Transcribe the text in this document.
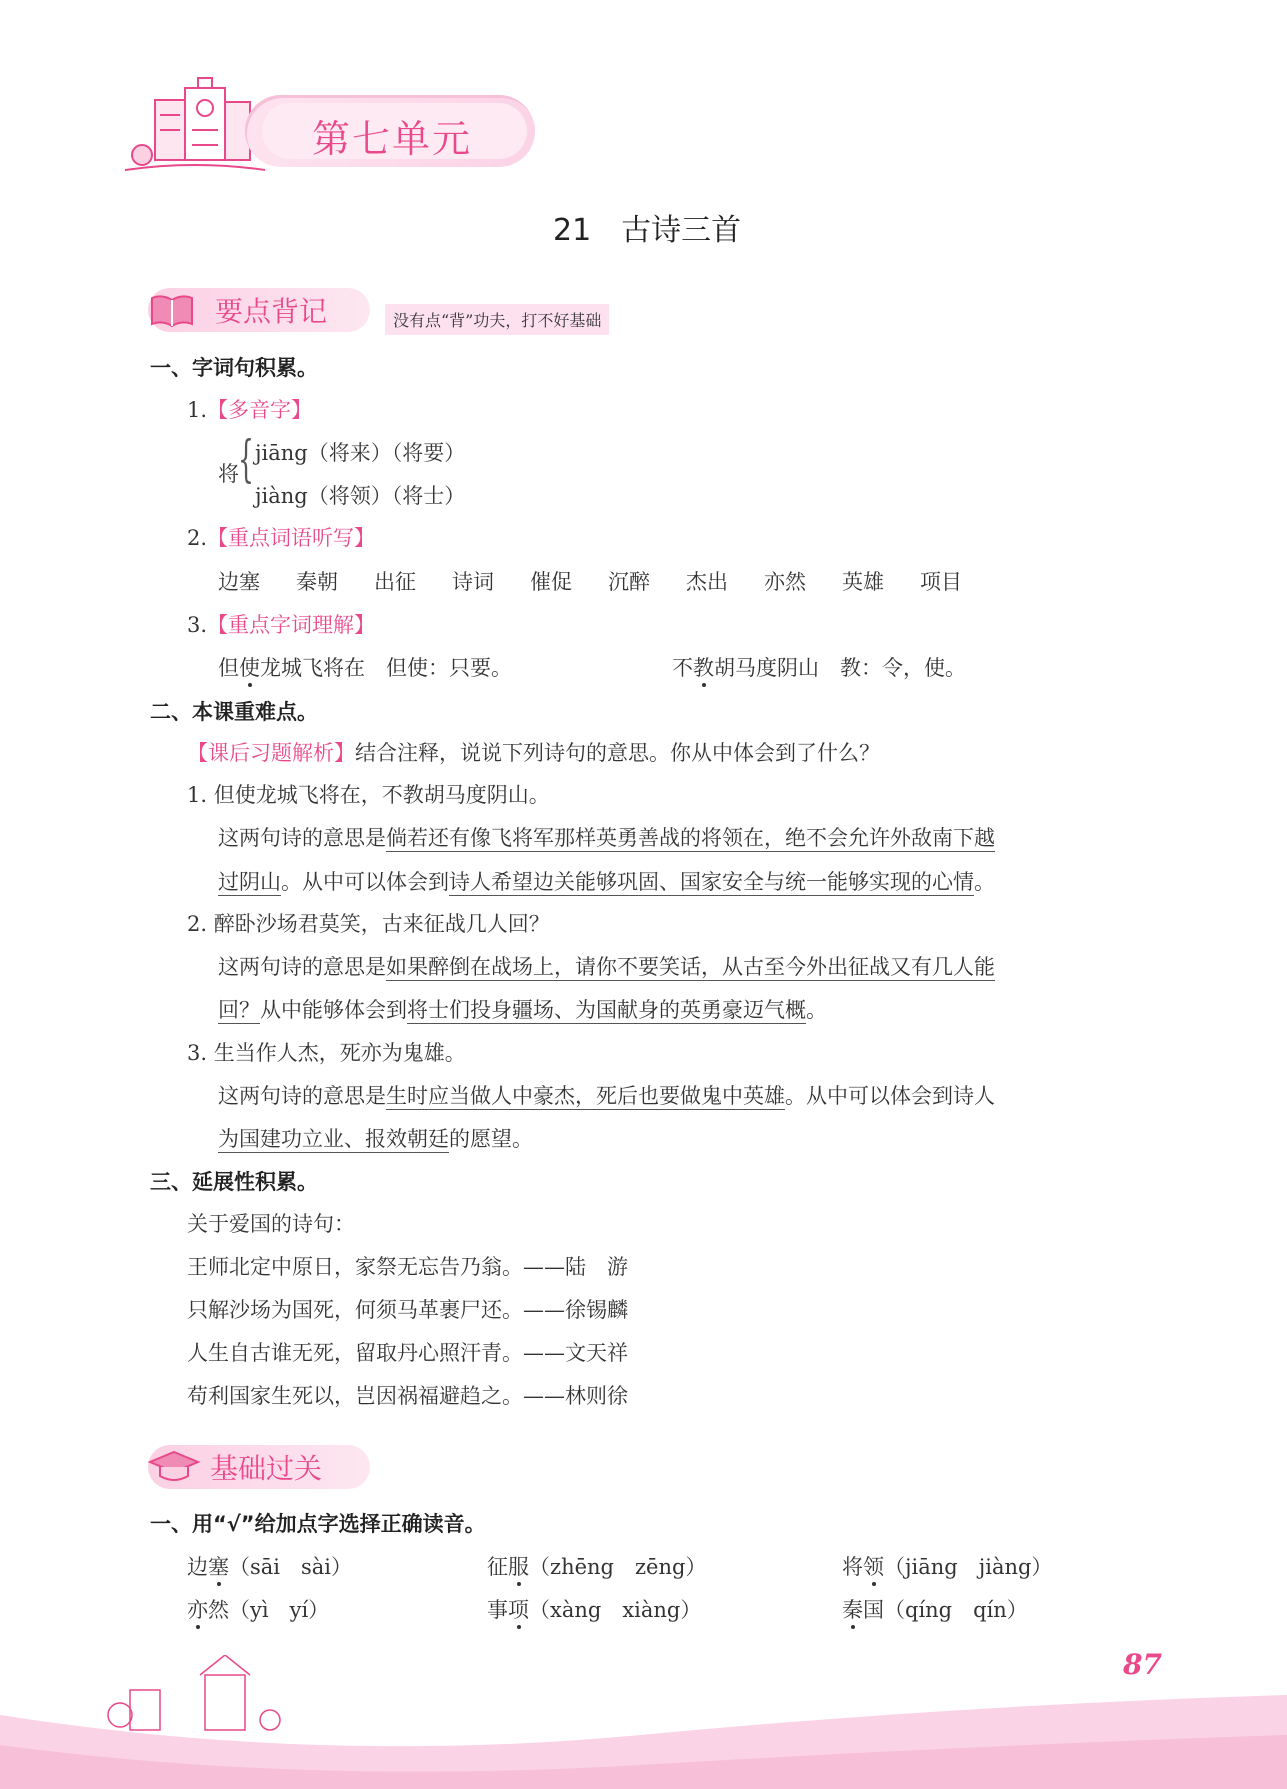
第七单元
21　古诗三首
要点背记	没有点“背”功夫，打不好基础
一、字词句积累。
1.【多音字】
将
{ jiāng（将来）（将要）
jiàng（将领）（将士）
2.【重点词语听写】
边塞 秦朝 出征 诗词 催促 沉醉 杰出 亦然 英雄 项目
3.【重点字词理解】
但使龙城飞将在　但使：只要。	不教胡马度阴山　教：令，使。
二、本课重难点。
【课后习题解析】结合注释，说说下列诗句的意思。你从中体会到了什么？
1. 但使龙城飞将在，不教胡马度阴山。
这两句诗的意思是倘若还有像飞将军那样英勇善战的将领在，绝不会允许外敌南下越
过阴山。从中可以体会到诗人希望边关能够巩固、国家安全与统一能够实现的心情。
2. 醉卧沙场君莫笑，古来征战几人回？
这两句诗的意思是如果醉倒在战场上，请你不要笑话，从古至今外出征战又有几人能
回？从中能够体会到将士们投身疆场、为国献身的英勇豪迈气概。
3. 生当作人杰，死亦为鬼雄。
这两句诗的意思是生时应当做人中豪杰，死后也要做鬼中英雄。从中可以体会到诗人
为国建功立业、报效朝廷的愿望。
三、延展性积累。
关于爱国的诗句：
王师北定中原日，家祭无忘告乃翁。——陆　游
只解沙场为国死，何须马革裹尸还。——徐锡麟
人生自古谁无死，留取丹心照汗青。——文天祥
苟利国家生死以，岂因祸福避趋之。——林则徐
基础过关
一、用“√”给加点字选择正确读音。
边塞（sāi　sài）	征服（zhēng　zēng）	将领（jiāng　jiàng）
亦然（yì　yí）	事项（xàng　xiàng）	秦国（qíng　qín）
87
